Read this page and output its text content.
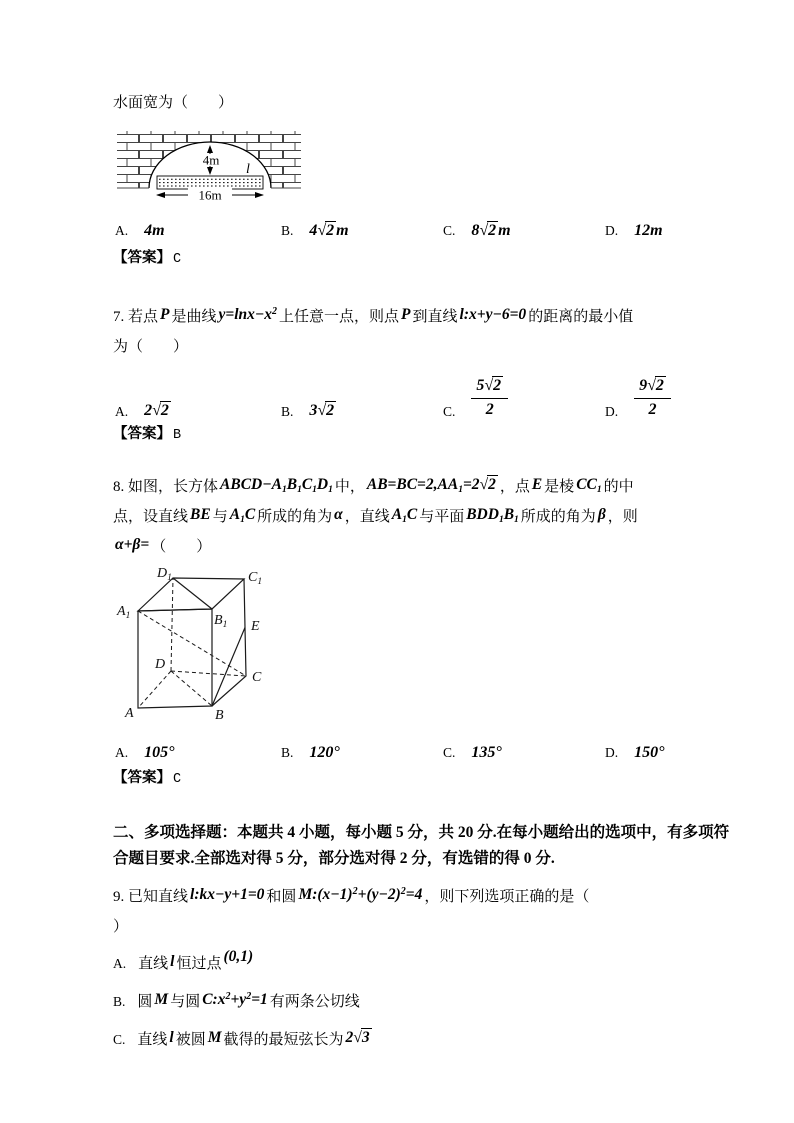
水面宽为（　　）
4m
l
16m
A. 4m	B. 4√2 m	C. 8√2 m	D. 12m
【答案】 C
7. 若点 P 是曲线 $y=\ln x-x^2$ 上任意一点，则点 P 到直线 l:x+y−6=0 的距离的最小值
为（　　）
A. 2√2	B. 3√2	C. $\frac{5√2}{2}$	D. $\frac{9√2}{2}$
【答案】 B
8. 如图，长方体 $ABCD-A_1B_1C_1D_1$ 中， $AB=BC=2,AA_1=2√2$ ，点 E 是棱 $CC_1$ 的中
点，设直线 BE 与 $A_1C$ 所成的角为 α ，直线 $A_1C$ 与平面 $BDD_1B_1$ 所成的角为 β ，则
α+β= （　　）
$D_1$	$C_1$
$A_1$	$B_1$ E
D
C
A	B
A. 105°	B. 120°	C. 135°	D. 150°
【答案】 C
二、多项选择题：本题共 4 小题，每小题 5 分，共 20 分.在每小题给出的选项中，有多项符
合题目要求.全部选对得 5 分，部分选对得 2 分，有选错的得 0 分.
9. 已知直线 l:kx−y+1=0 和圆 $M:(x-1)^2+(y-2)^2=4$ ，则下列选项正确的是（
）
A. 直线 l 恒过点 (0,1)
B. 圆 M 与圆 $C:x^2+y^2=1$ 有两条公切线
C. 直线 l 被圆 M 截得的最短弦长为 2√3
